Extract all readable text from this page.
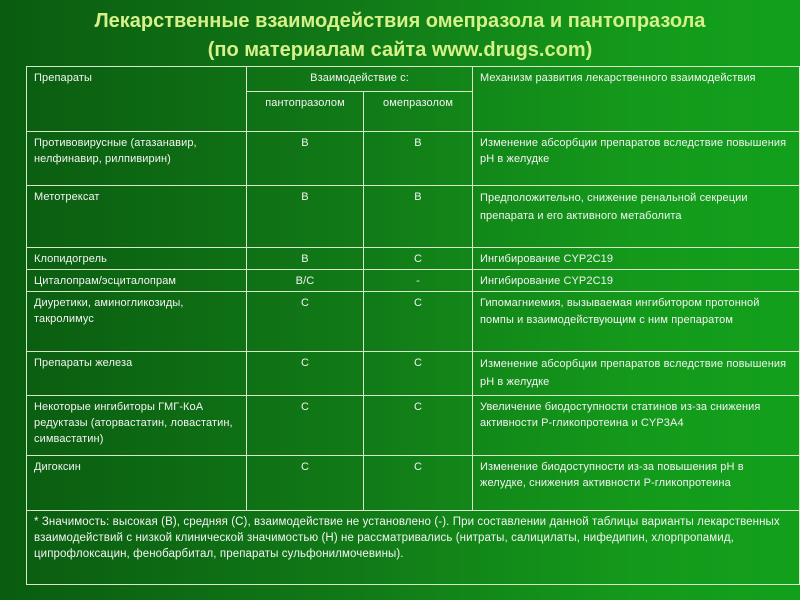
Лекарственные взаимодействия омепразола и пантопразола
(по материалам сайта www.drugs.com)
Препараты	Взаимодействие с:		Механизм развития лекарственного взаимодействия
	пантопразолом	омепразолом	
Противовирусные (атазанавир, нелфинавир, рилпивирин)	В	В	Изменение абсорбции препаратов вследствие повышения pH в желудке
Метотрексат	В	В	Предположительно, снижение ренальной секреции препарата и его активного метаболита
Клопидогрель	В	С	Ингибирование CYP2C19
Циталопрам/эсциталопрам	В/С	-	Ингибирование CYP2C19
Диуретики, аминогликозиды, такролимус	С	С	Гипомагниемия, вызываемая ингибитором протонной помпы и взаимодействующим с ним препаратом
Препараты железа	С	С	Изменение абсорбции препаратов вследствие повышения pH в желудке
Некоторые ингибиторы ГМГ-КоА редуктазы (аторвастатин, ловастатин, симвастатин)	С	С	Увеличение биодоступности статинов из-за снижения активности P-гликопротеина и CYP3A4
Дигоксин	С	С	Изменение биодоступности из-за повышения pH в желудке, снижения активности P-гликопротеина
* Значимость: высокая (В), средняя (С), взаимодействие не установлено (-). При составлении данной таблицы варианты лекарственных взаимодействий с низкой клинической значимостью (Н) не рассматривались (нитраты, салицилаты, нифедипин, хлорпропамид, ципрофлоксацин, фенобарбитал, препараты сульфонилмочевины).			
